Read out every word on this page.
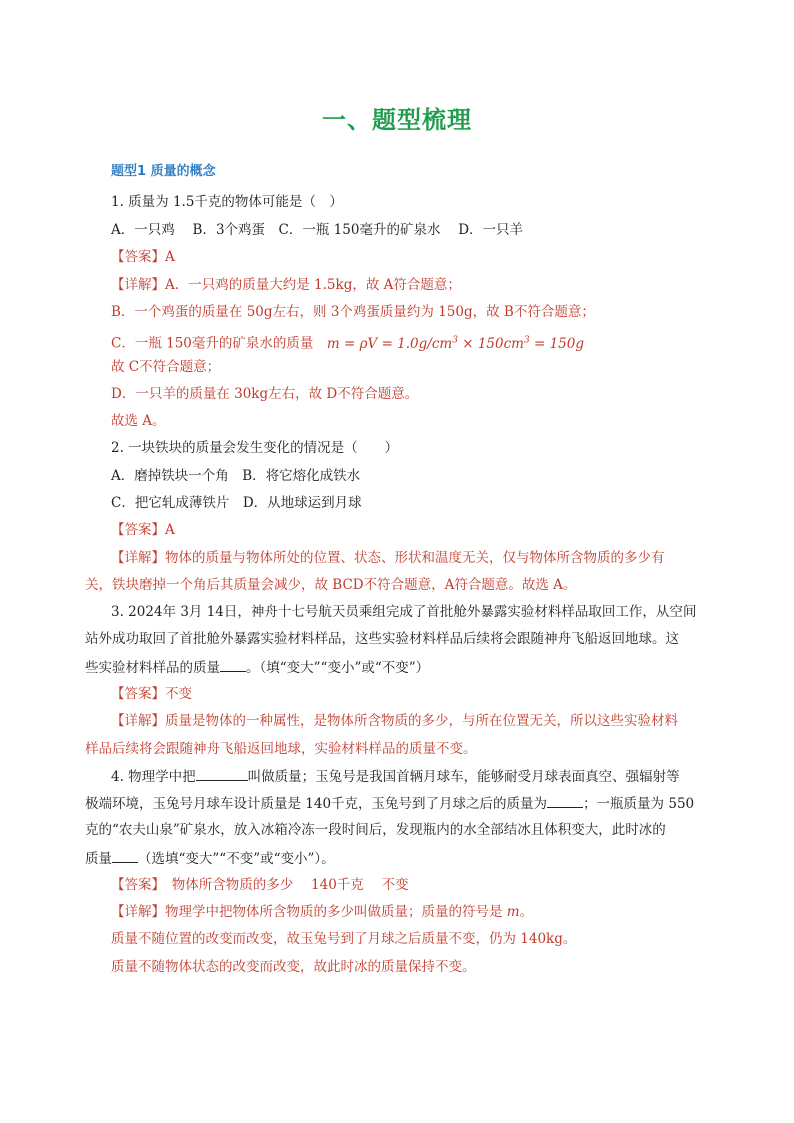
一、题型梳理
题型1 质量的概念
1. 质量为 1.5千克的物体可能是（　）
A．一只鸡　 B．3个鸡蛋　C．一瓶 150毫升的矿泉水　 D．一只羊
【答案】A
【详解】A．一只鸡的质量大约是 1.5kg，故 A符合题意；
B．一个鸡蛋的质量在 50g左右，则 3个鸡蛋质量约为 150g，故 B不符合题意；
C．一瓶 150毫升的矿泉水的质量　 $m = \rho V = 1.0g/cm^3 \times 150cm^3 = 150g$
故 C不符合题意；
D．一只羊的质量在 30kg左右，故 D不符合题意。
故选 A。
2. 一块铁块的质量会发生变化的情况是（　　）
A．磨掉铁块一个角　B．将它熔化成铁水
C．把它轧成薄铁片　D．从地球运到月球
【答案】A
【详解】物体的质量与物体所处的位置、状态、形状和温度无关，仅与物体所含物质的多少有
关，铁块磨掉一个角后其质量会减少，故 BCD不符合题意，A符合题意。故选 A。
3. 2024年 3月 14日，神舟十七号航天员乘组完成了首批舱外暴露实验材料样品取回工作，从空间
站外成功取回了首批舱外暴露实验材料样品，这些实验材料样品后续将会跟随神舟飞船返回地球。这
些实验材料样品的质量 。（填“变大”“变小”或“不变”）
【答案】不变
【详解】质量是物体的一种属性，是物体所含物质的多少，与所在位置无关，所以这些实验材料
样品后续将会跟随神舟飞船返回地球，实验材料样品的质量不变。
4. 物理学中把	叫做质量；玉兔号是我国首辆月球车，能够耐受月球表面真空、强辐射等
极端环境，玉兔号月球车设计质量是 140千克，玉兔号到了月球之后的质量为	；一瓶质量为 550
克的“农夫山泉”矿泉水，放入冰箱冷冻一段时间后，发现瓶内的水全部结冰且体积变大，此时冰的
质量 （选填“变大”“不变”或“变小”）。
【答案】　物体所含物质的多少　 140千克　 不变
【详解】物理学中把物体所含物质的多少叫做质量；质量的符号是 m。
质量不随位置的改变而改变，故玉兔号到了月球之后质量不变，仍为 140kg。
质量不随物体状态的改变而改变，故此时冰的质量保持不变。
